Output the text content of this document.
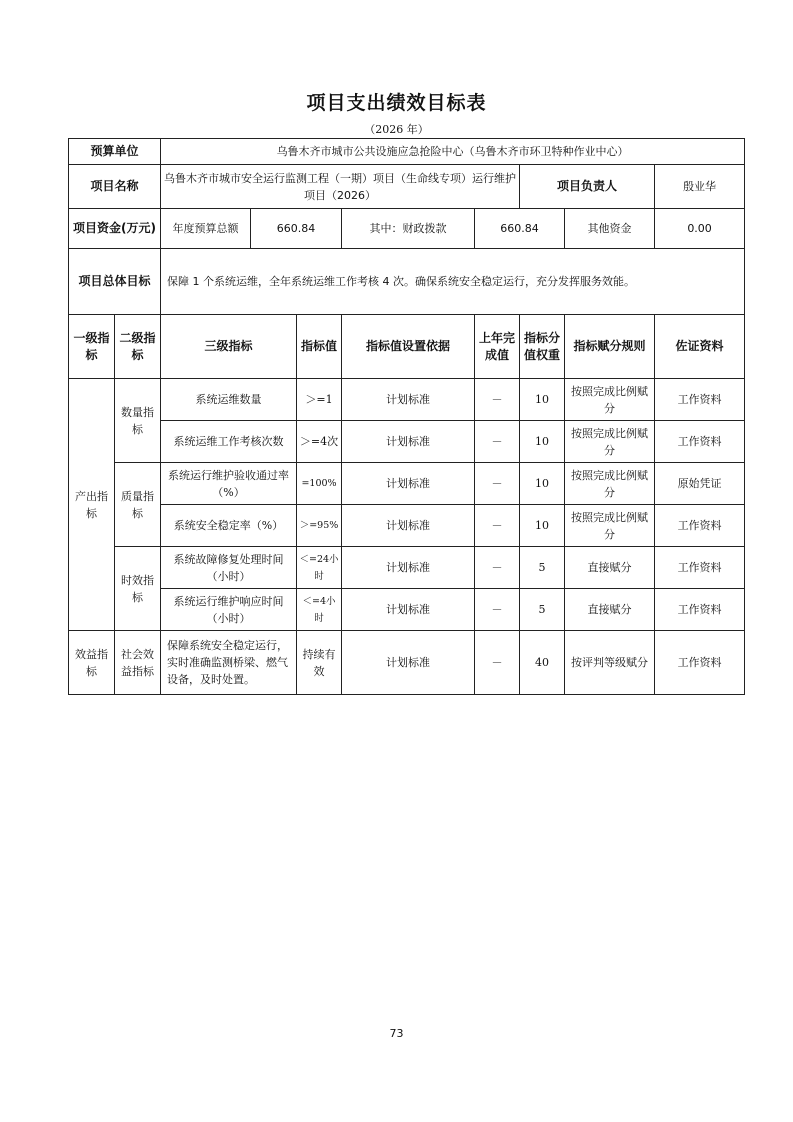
项目支出绩效目标表
（2026 年）
预算单位		乌鲁木齐市城市公共设施应急抢险中心（乌鲁木齐市环卫特种作业中心）							
项目名称		乌鲁木齐市城市安全运行监测工程（一期）项目（生命线专项）运行维护项目（2026）					项目负责人		殷业华
项目资金(万元)		年度预算总额	660.84		其中：财政拨款	660.84		其他资金	0.00
项目总体目标		保障 1 个系统运维，全年系统运维工作考核 4 次。确保系统安全稳定运行，充分发挥服务效能。							
一级指标	二级指标	三级指标		指标值	指标值设置依据	上年完成值	指标分值权重	指标赋分规则	佐证资料
产出指标	数量指标	系统运维数量		＞=1	计划标准	－	10	按照完成比例赋分	工作资料
		系统运维工作考核次数		＞=4次	计划标准	－	10	按照完成比例赋分	工作资料
	质量指标	系统运行维护验收通过率（%）		=100%	计划标准	－	10	按照完成比例赋分	原始凭证
		系统安全稳定率（%）		＞=95%	计划标准	－	10	按照完成比例赋分	工作资料
	时效指标	系统故障修复处理时间（小时）		＜=24小时	计划标准	－	5	直接赋分	工作资料
		系统运行维护响应时间（小时）		＜=4小时	计划标准	－	5	直接赋分	工作资料
效益指标	社会效益指标	保障系统安全稳定运行，实时准确监测桥梁、燃气设备，及时处置。		持续有效	计划标准	－	40	按评判等级赋分	工作资料
73
